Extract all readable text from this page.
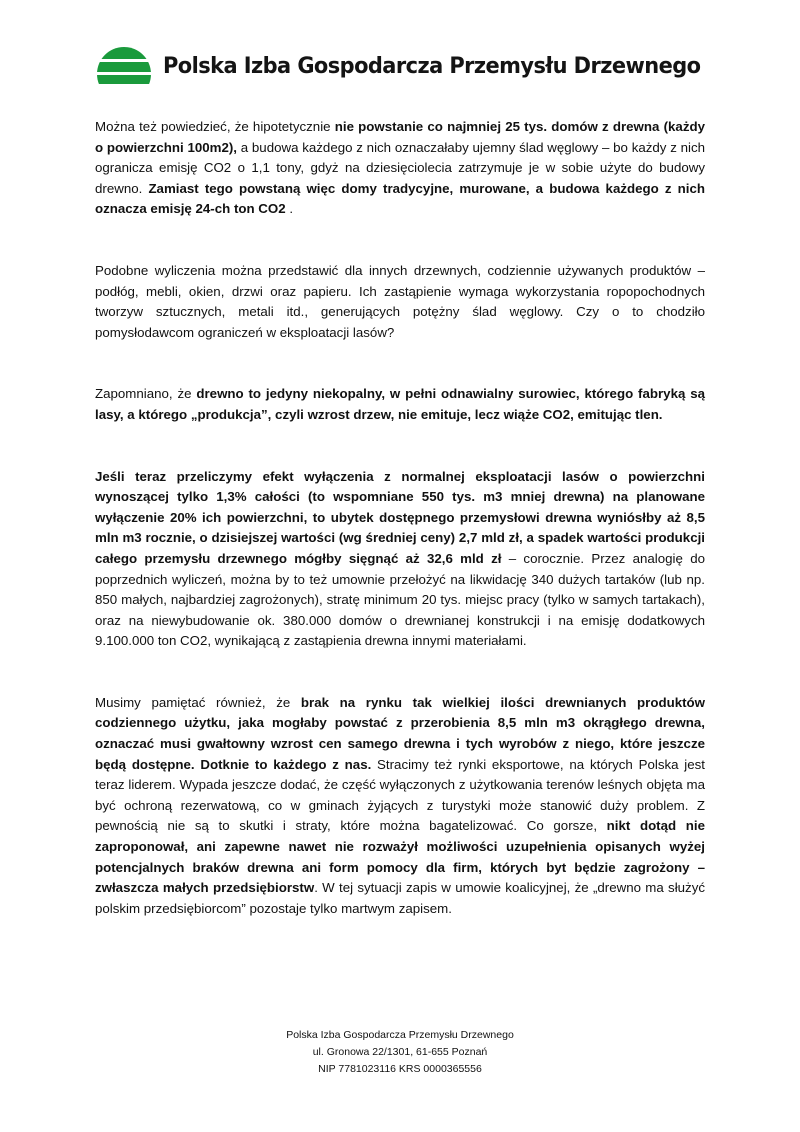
Polska Izba Gospodarcza Przemysłu Drzewnego

Można też powiedzieć, że hipotetycznie nie powstanie co najmniej 25 tys. domów z drewna (każdy o powierzchni 100m2), a budowa każdego z nich oznaczałaby ujemny ślad węglowy – bo każdy z nich ogranicza emisję CO2 o 1,1 tony, gdyż na dziesięciolecia zatrzymuje je w sobie użyte do budowy drewno. Zamiast tego powstaną więc domy tradycyjne, murowane, a budowa każdego z nich oznacza emisję 24-ch ton CO2 .

Podobne wyliczenia można przedstawić dla innych drzewnych, codziennie używanych produktów – podłóg, mebli, okien, drzwi oraz papieru. Ich zastąpienie wymaga wykorzystania ropopochodnych tworzyw sztucznych, metali itd., generujących potężny ślad węglowy. Czy o to chodziło pomysłodawcom ograniczeń w eksploatacji lasów?

Zapomniano, że drewno to jedyny niekopalny, w pełni odnawialny surowiec, którego fabryką są lasy, a którego „produkcja”, czyli wzrost drzew, nie emituje, lecz wiąże CO2, emitując tlen.

Jeśli teraz przeliczymy efekt wyłączenia z normalnej eksploatacji lasów o powierzchni wynoszącej tylko 1,3% całości (to wspomniane 550 tys. m3 mniej drewna) na planowane wyłączenie 20% ich powierzchni, to ubytek dostępnego przemysłowi drewna wyniósłby aż 8,5 mln m3 rocznie, o dzisiejszej wartości (wg średniej ceny) 2,7 mld zł, a spadek wartości produkcji całego przemysłu drzewnego mógłby sięgnąć aż 32,6 mld zł – corocznie. Przez analogię do poprzednich wyliczeń, można by to też umownie przełożyć na likwidację 340 dużych tartaków (lub np. 850 małych, najbardziej zagrożonych), stratę minimum 20 tys. miejsc pracy (tylko w samych tartakach), oraz na niewybudowanie ok. 380.000 domów o drewnianej konstrukcji i na emisję dodatkowych 9.100.000 ton CO2, wynikającą z zastąpienia drewna innymi materiałami.

Musimy pamiętać również, że brak na rynku tak wielkiej ilości drewnianych produktów codziennego użytku, jaka mogłaby powstać z przerobienia 8,5 mln m3 okrągłego drewna, oznaczać musi gwałtowny wzrost cen samego drewna i tych wyrobów z niego, które jeszcze będą dostępne. Dotknie to każdego z nas. Stracimy też rynki eksportowe, na których Polska jest teraz liderem. Wypada jeszcze dodać, że część wyłączonych z użytkowania terenów leśnych objęta ma być ochroną rezerwatową, co w gminach żyjących z turystyki może stanowić duży problem. Z pewnością nie są to skutki i straty, które można bagatelizować. Co gorsze, nikt dotąd nie zaproponował, ani zapewne nawet nie rozważył możliwości uzupełnienia opisanych wyżej potencjalnych braków drewna ani form pomocy dla firm, których byt będzie zagrożony – zwłaszcza małych przedsiębiorstw. W tej sytuacji zapis w umowie koalicyjnej, że „drewno ma służyć polskim przedsiębiorcom” pozostaje tylko martwym zapisem.

Polska Izba Gospodarcza Przemysłu Drzewnego
ul. Gronowa 22/1301, 61-655 Poznań
NIP 7781023116 KRS 0000365556
